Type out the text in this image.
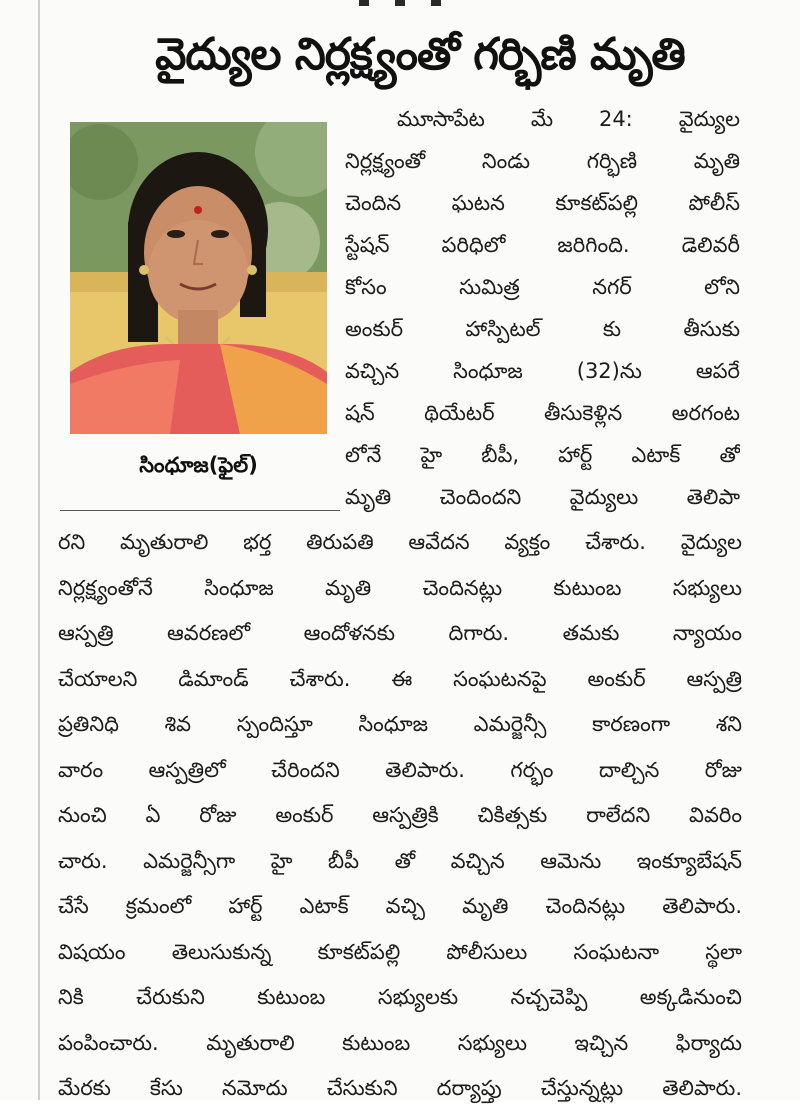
వైద్యుల నిర్లక్ష్యంతో గర్భిణి మృతి
సింధూజ(ఫైల్)
మూసాపేట మే 24: వైద్యుల
నిర్లక్ష్యంతో నిండు గర్భిణి మృతి
చెందిన ఘటన కూకట్‌పల్లి పోలీస్
స్టేషన్ పరిధిలో జరిగింది. డెలివరీ
కోసం సుమిత్ర నగర్ లోని
అంకుర్ హాస్పిటల్ కు తీసుకు
వచ్చిన సింధూజ (32)ను ఆపరే
షన్ థియేటర్ తీసుకెళ్లిన అరగంట
లోనే హై బీపీ, హార్ట్ ఎటాక్ తో
మృతి చెందిందని వైద్యులు తెలిపా
రని మృతురాలి భర్త తిరుపతి ఆవేదన వ్యక్తం చేశారు. వైద్యుల
నిర్లక్ష్యంతోనే సింధూజ మృతి చెందినట్లు కుటుంబ సభ్యులు
ఆస్పత్రి ఆవరణలో ఆందోళనకు దిగారు. తమకు న్యాయం
చేయాలని డిమాండ్ చేశారు. ఈ సంఘటనపై అంకుర్ ఆస్పత్రి
ప్రతినిధి శివ స్పందిస్తూ సింధూజ ఎమర్జెన్సీ కారణంగా శని
వారం ఆస్పత్రిలో చేరిందని తెలిపారు. గర్భం దాల్చిన రోజు
నుంచి ఏ రోజు అంకుర్ ఆస్పత్రికి చికిత్సకు రాలేదని వివరిం
చారు. ఎమర్జెన్సీగా హై బీపీ తో వచ్చిన ఆమెను ఇంక్యూబేషన్
చేసే క్రమంలో హార్ట్ ఎటాక్ వచ్చి మృతి చెందినట్లు తెలిపారు.
విషయం తెలుసుకున్న కూకట్‌పల్లి పోలీసులు సంఘటనా స్థలా
నికి చేరుకుని కుటుంబ సభ్యులకు నచ్చచెప్పి అక్కడినుంచి
పంపించారు. మృతురాలి కుటుంబ సభ్యులు ఇచ్చిన ఫిర్యాదు
మేరకు కేసు నమోదు చేసుకుని దర్యాప్తు చేస్తున్నట్లు తెలిపారు.
